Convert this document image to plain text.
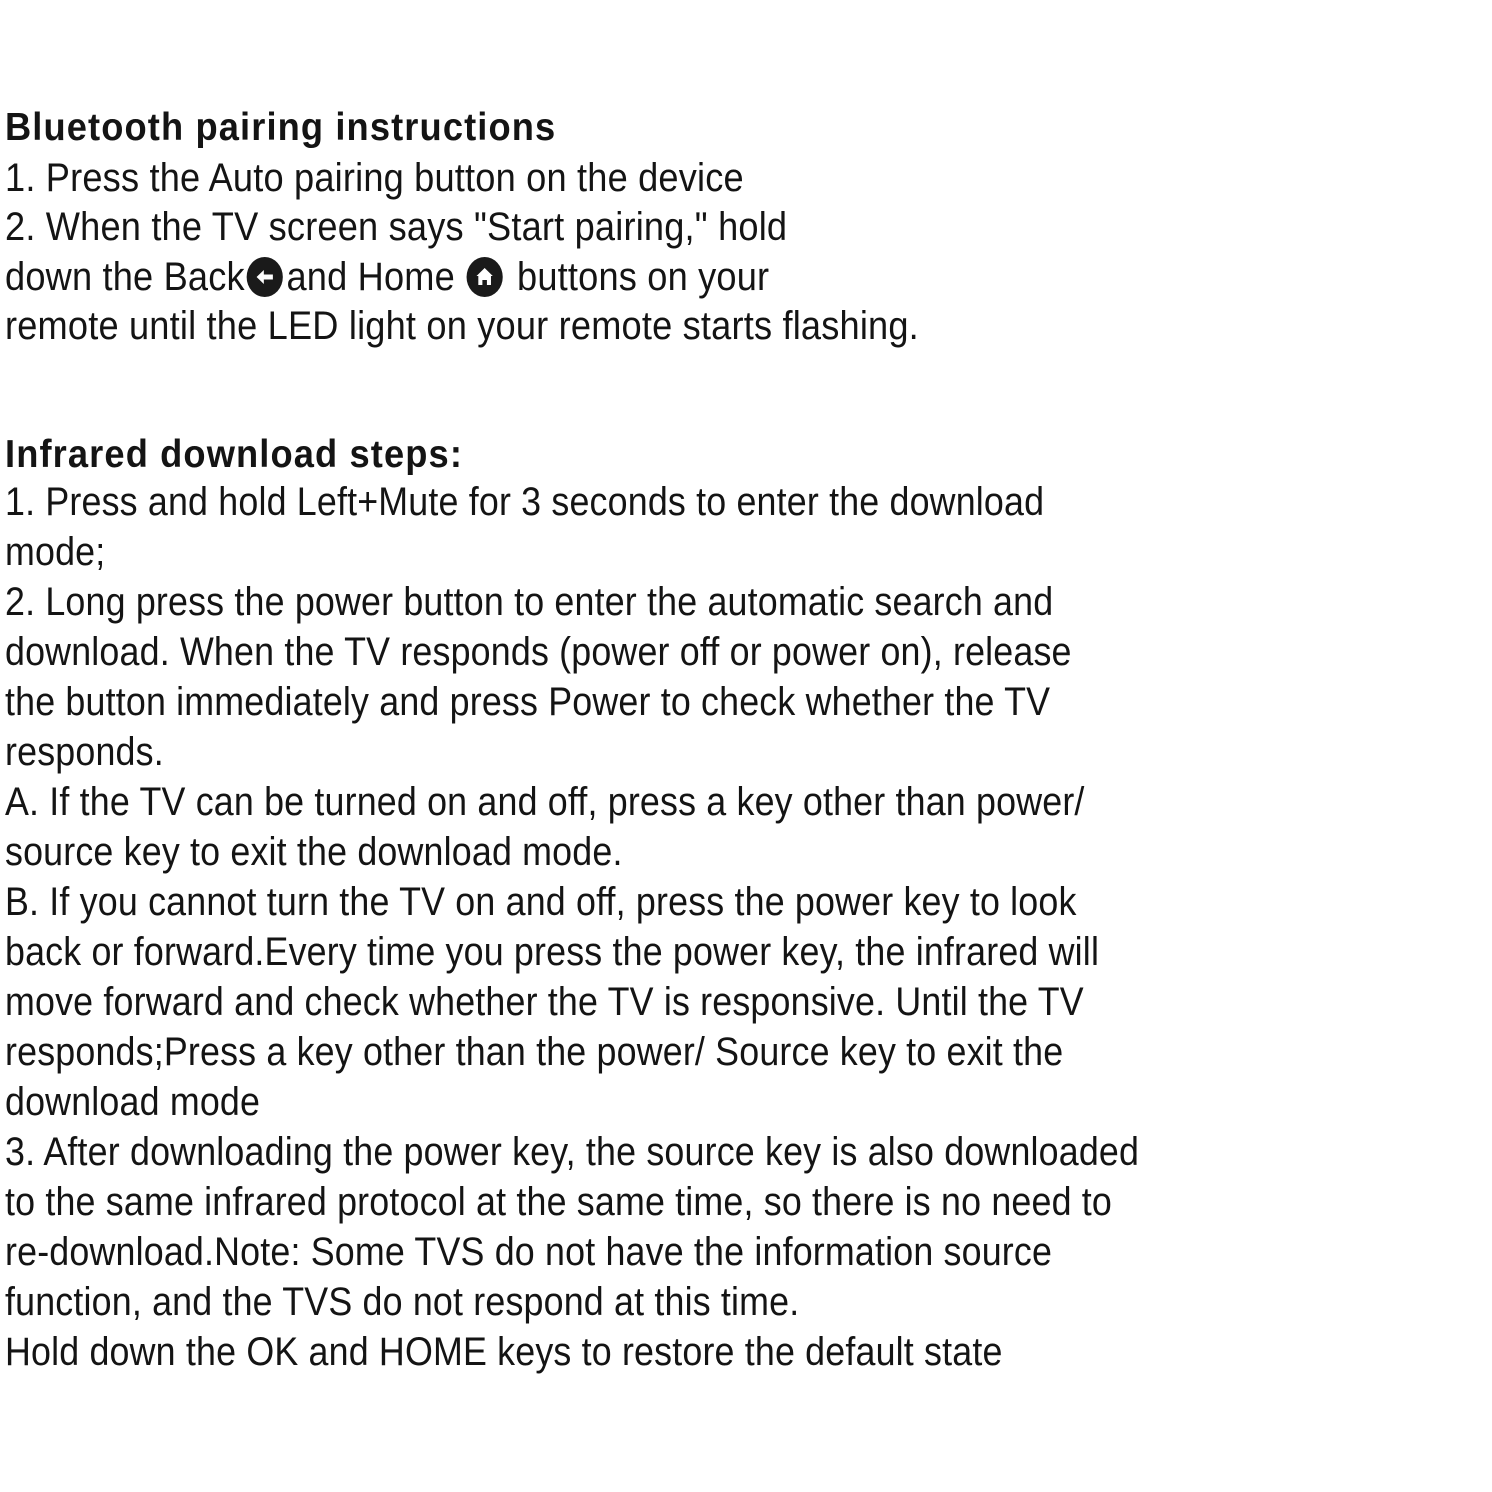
Bluetooth pairing instructions
1. Press the Auto pairing button on the device
2. When the TV screen says "Start pairing," hold
down the Back and Home
buttons on your
remote until the LED light on your remote starts flashing.
Infrared download steps:
1. Press and hold Left+Mute for 3 seconds to enter the download
mode;
2. Long press the power button to enter the automatic search and
download. When the TV responds (power off or power on), release
the button immediately and press Power to check whether the TV
responds.
A. If the TV can be turned on and off, press a key other than power/
source key to exit the download mode.
B. If you cannot turn the TV on and off, press the power key to look
back or forward.Every time you press the power key, the infrared will
move forward and check whether the TV is responsive. Until the TV
responds;Press a key other than the power/ Source key to exit the
download mode
3. After downloading the power key, the source key is also downloaded
to the same infrared protocol at the same time, so there is no need to
re-download.Note: Some TVS do not have the information source
function, and the TVS do not respond at this time.
Hold down the OK and HOME keys to restore the default state
